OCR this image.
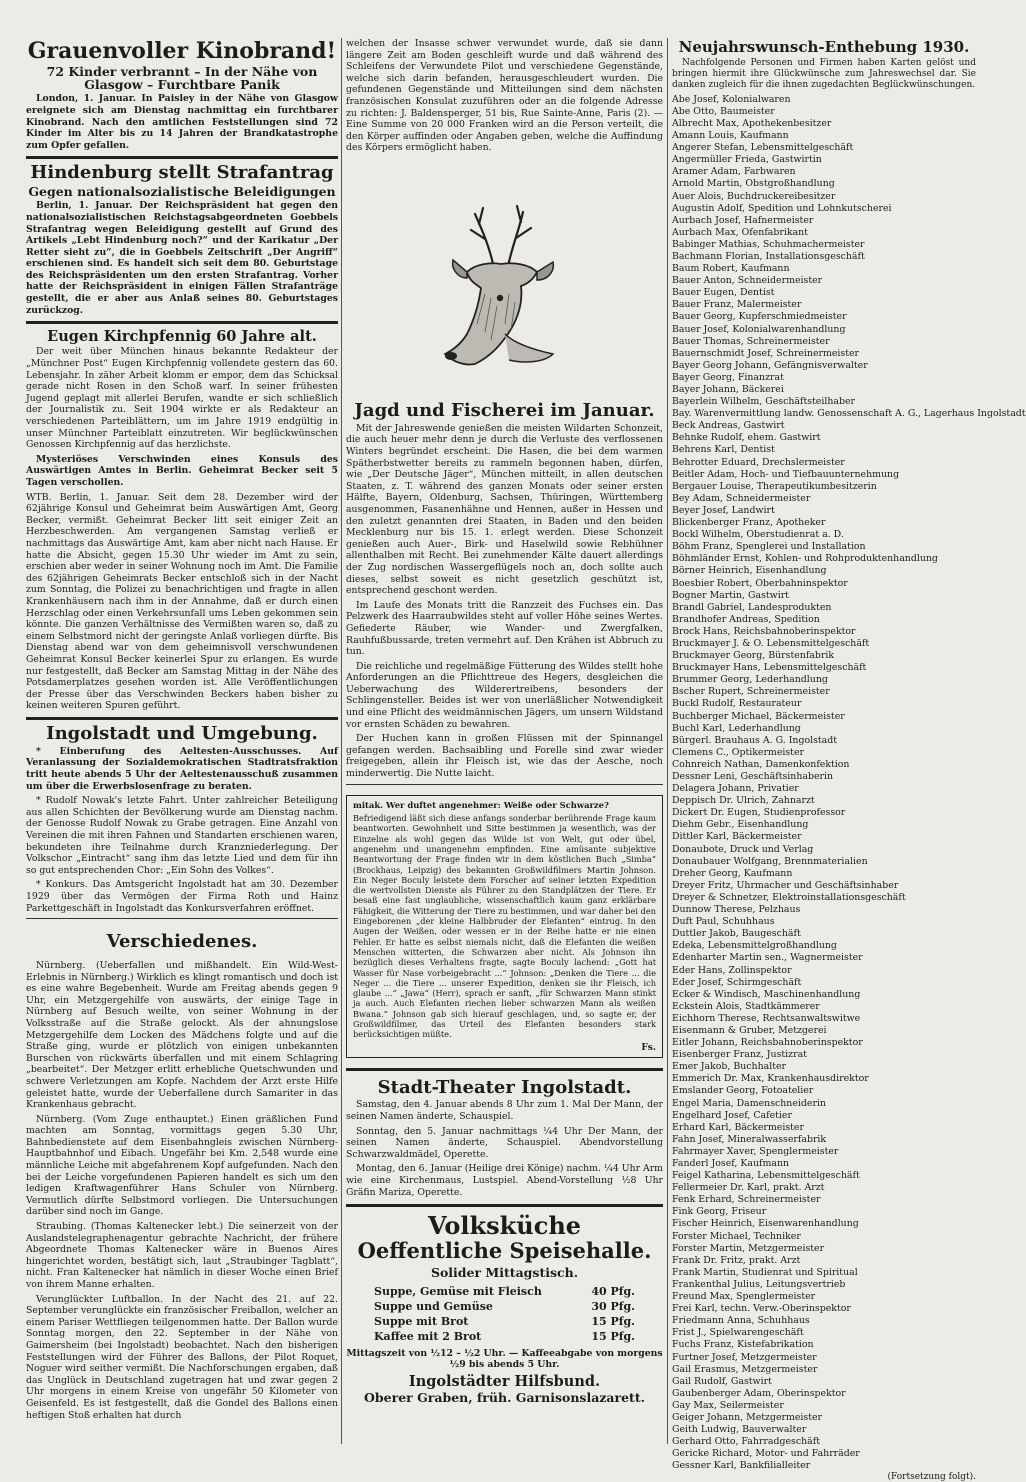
Grauenvoller Kinobrand!
72 Kinder verbrannt – In der Nähe von Glasgow – Furchtbare Panik

London, 1. Januar. In Paisley in der Nähe von Glasgow ereignete sich am Dienstag nachmittag ein furchtbarer Kinobrand. Nach den amtlichen Feststellungen sind 72 Kinder im Alter bis zu 14 Jahren der Brandkatastrophe zum Opfer gefallen.

Hindenburg stellt Strafantrag
Gegen nationalsozialistische Beleidigungen

Berlin, 1. Januar. Der Reichspräsident hat gegen den nationalsozialistischen Reichstagsabgeordneten Goebbels Strafantrag wegen Beleidigung gestellt auf Grund des Artikels „Lebt Hindenburg noch?“ und der Karikatur „Der Retter sieht zu“, die in Goebbels Zeitschrift „Der Angriff“ erschienen sind. Es handelt sich seit dem 80. Geburtstage des Reichspräsidenten um den ersten Strafantrag. Vorher hatte der Reichspräsident in einigen Fällen Strafanträge gestellt, die er aber aus Anlaß seines 80. Geburtstages zurückzog.

Eugen Kirchpfennig 60 Jahre alt.

Der weit über München hinaus bekannte Redakteur der „Münchner Post“ Eugen Kirchpfennig vollendete gestern das 60. Lebensjahr. In zäher Arbeit klomm er empor, dem das Schicksal gerade nicht Rosen in den Schoß warf. In seiner frühesten Jugend geplagt mit allerlei Berufen, wandte er sich schließlich der Journalistik zu. Seit 1904 wirkte er als Redakteur an verschiedenen Parteiblättern, um im Jahre 1919 endgültig in unser Münchner Parteiblatt einzutreten. Wir beglückwünschen Genossen Kirchpfennig auf das herzlichste.

Mysteriöses Verschwinden eines Konsuls des Auswärtigen Amtes in Berlin. Geheimrat Becker seit 5 Tagen verschollen.

WTB. Berlin, 1. Januar. Seit dem 28. Dezember wird der 62jährige Konsul und Geheimrat beim Auswärtigen Amt, Georg Becker, vermißt. Geheimrat Becker litt seit einiger Zeit an Herzbeschwerden. Am vergangenen Samstag verließ er nachmittags das Auswärtige Amt, kam aber nicht nach Hause. Er hatte die Absicht, gegen 15.30 Uhr wieder im Amt zu sein, erschien aber weder in seiner Wohnung noch im Amt. Die Familie des 62jährigen Geheimrats Becker entschloß sich in der Nacht zum Sonntag, die Polizei zu benachrichtigen und fragte in allen Krankenhäusern nach ihm in der Annahme, daß er durch einen Herzschlag oder einen Verkehrsunfall ums Leben gekommen sein könnte. Die ganzen Verhältnisse des Vermißten waren so, daß zu einem Selbstmord nicht der geringste Anlaß vorliegen dürfte. Bis Dienstag abend war von dem geheimnisvoll verschwundenen Geheimrat Konsul Becker keinerlei Spur zu erlangen. Es wurde nur festgestellt, daß Becker am Samstag Mittag in der Nähe des Potsdamerplatzes gesehen worden ist. Alle Veröffentlichungen der Presse über das Verschwinden Beckers haben bisher zu keinen weiteren Spuren geführt.

Ingolstadt und Umgebung.

* Einberufung des Aeltesten-Ausschusses. Auf Veranlassung der Sozialdemokratischen Stadtratsfraktion tritt heute abends 5 Uhr der Aeltestenausschuß zusammen um über die Erwerbslosenfrage zu beraten.

* Rudolf Nowak's letzte Fahrt. Unter zahlreicher Beteiligung aus allen Schichten der Bevölkerung wurde am Dienstag nachm. der Genosse Rudolf Nowak zu Grabe getragen. Eine Anzahl von Vereinen die mit ihren Fahnen und Standarten erschienen waren, bekundeten ihre Teilnahme durch Kranzniederlegung. Der Volkschor „Eintracht“ sang ihm das letzte Lied und dem für ihn so gut entsprechenden Chor: „Ein Sohn des Volkes“.

* Konkurs. Das Amtsgericht Ingolstadt hat am 30. Dezember 1929 über das Vermögen der Firma Roth und Hainz Parkettgeschäft in Ingolstadt das Konkursverfahren eröffnet.

Verschiedenes.

Nürnberg. (Ueberfallen und mißhandelt. Ein Wild-West-Erlebnis in Nürnberg.) Wirklich es klingt romantisch und doch ist es eine wahre Begebenheit. Wurde am Freitag abends gegen 9 Uhr, ein Metzgergehilfe von auswärts, der einige Tage in Nürnberg auf Besuch weilte, von seiner Wohnung in der Volksstraße auf die Straße gelockt. Als der ahnungslose Metzgergehilfe dem Locken des Mädchens folgte und auf die Straße ging, wurde er plötzlich von einigen unbekannten Burschen von rückwärts überfallen und mit einem Schlagring „bearbeitet“. Der Metzger erlitt erhebliche Quetschwunden und schwere Verletzungen am Kopfe. Nachdem der Arzt erste Hilfe geleistet hatte, wurde der Ueberfallene durch Samariter in das Krankenhaus gebracht.

Nürnberg. (Vom Zuge enthauptet.) Einen gräßlichen Fund machten am Sonntag, vormittags gegen 5.30 Uhr, Bahnbedienstete auf dem Eisenbahngleis zwischen Nürnberg-Hauptbahnhof und Eibach. Ungefähr bei Km. 2,548 wurde eine männliche Leiche mit abgefahrenem Kopf aufgefunden. Nach den bei der Leiche vorgefundenen Papieren handelt es sich um den ledigen Kraftwagenführer Hans Schuler von Nürnberg. Vermutlich dürfte Selbstmord vorliegen. Die Untersuchungen darüber sind noch im Gange.

Straubing. (Thomas Kaltenecker lebt.) Die seinerzeit von der Auslandstelegraphenagentur gebrachte Nachricht, der frühere Abgeordnete Thomas Kaltenecker wäre in Buenos Aires hingerichtet worden, bestätigt sich, laut „Straubinger Tagblatt“, nicht. Fran Kaltenecker hat nämlich in dieser Woche einen Brief von ihrem Manne erhalten.

Verunglückter Luftballon. In der Nacht des 21. auf 22. September verunglückte ein französischer Freiballon, welcher an einem Pariser Wettfliegen teilgenommen hatte. Der Ballon wurde Sonntag morgen, den 22. September in der Nähe von Gaimersheim (bei Ingolstadt) beobachtet. Nach den bisherigen Feststellungen wird der Führer des Ballons, der Pilot Roquet, Noguer wird seither vermißt. Die Nachforschungen ergaben, daß das Unglück in Deutschland zugetragen hat und zwar gegen 2 Uhr morgens in einem Kreise von ungefähr 50 Kilometer von Geisenfeld. Es ist festgestellt, daß die Gondel des Ballons einen heftigen Stoß erhalten hat durch

welchen der Insasse schwer verwundet wurde, daß sie dann längere Zeit am Boden geschleift wurde und daß während des Schleifens der Verwundete Pilot und verschiedene Gegenstände, welche sich darin befanden, herausgeschleudert wurden. Die gefundenen Gegenstände und Mitteilungen sind dem nächsten französischen Konsulat zuzuführen oder an die folgende Adresse zu richten: J. Baldensperger, 51 bis, Rue Sainte-Anne, Paris (2). — Eine Summe von 20 000 Franken wird an die Person verteilt, die den Körper auffinden oder Angaben geben, welche die Auffindung des Körpers ermöglicht haben.

Jagd und Fischerei im Januar.

Mit der Jahreswende genießen die meisten Wildarten Schonzeit, die auch heuer mehr denn je durch die Verluste des verflossenen Winters begründet erscheint. Die Hasen, die bei dem warmen Spätherbstwetter bereits zu rammeln begonnen haben, dürfen, wie „Der Deutsche Jäger“, München mitteilt, in allen deutschen Staaten, z. T. während des ganzen Monats oder seiner ersten Hälfte, Bayern, Oldenburg, Sachsen, Thüringen, Württemberg ausgenommen, Fasanenhähne und Hennen, außer in Hessen und den zuletzt genannten drei Staaten, in Baden und den beiden Mecklenburg nur bis 15. 1. erlegt werden. Diese Schonzeit genießen auch Auer-, Birk- und Haselwild sowie Rebhühner allenthalben mit Recht. Bei zunehmender Kälte dauert allerdings der Zug nordischen Wassergeflügels noch an, doch sollte auch dieses, selbst soweit es nicht gesetzlich geschützt ist, entsprechend geschont werden.

Im Laufe des Monats tritt die Ranzzeit des Fuchses ein. Das Pelzwerk des Haarraubwildes steht auf voller Höhe seines Wertes. Gefiederte Räuber, wie Wander- und Zwergfalken, Rauhfußbussarde, treten vermehrt auf. Den Krähen ist Abbruch zu tun.

Die reichliche und regelmäßige Fütterung des Wildes stellt hohe Anforderungen an die Pflichttreue des Hegers, desgleichen die Ueberwachung des Wilderertreibens, besonders der Schlingensteller. Beides ist wer von unerläßlicher Notwendigkeit und eine Pflicht des weidmännischen Jägers, um unsern Wildstand vor ernsten Schäden zu bewahren.

Der Huchen kann in großen Flüssen mit der Spinnangel gefangen werden. Bachsaibling und Forelle sind zwar wieder freigegeben, allein ihr Fleisch ist, wie das der Aesche, noch minderwertig. Die Nutte laicht.

mitak. Wer duftet angenehmer: Weiße oder Schwarze?

Befriedigend läßt sich diese anfangs sonderbar berührende Frage kaum beantworten. Gewohnheit und Sitte bestimmen ja wesentlich, was der Einzelne als wohl gegen das Wilde ist von Welt, gut oder übel, angenehm und unangenehm empfinden. Eine amüsante subjektive Beantwortung der Frage finden wir in dem köstlichen Buch „Simba“ (Brockhaus, Leipzig) des bekannten Großwildfilmers Martin Johnson. Ein Neger Boculy leistete dem Forscher auf seiner letzten Expedition die wertvollsten Dienste als Führer zu den Standplätzen der Tiere. Er besaß eine fast unglaubliche, wissenschaftlich kaum ganz erklärbare Fähigkeit, die Witterung der Tiere zu bestimmen, und war daher bei den Eingeborenen „der kleine Halbbruder der Elefanten“ eintrug. In den Augen der Weißen, oder wessen er in der Reihe hatte er nie einen Fehler. Er hatte es selbst niemals nicht, daß die Elefanten die weißen Menschen witterten, die Schwarzen aber nicht. Als Johnson ihn bezüglich dieses Verhaltens fragte, sagte Boculy lachend: „Gott hat Wasser für Nase vorbeigebracht ...“ Johnson: „Denken die Tiere ... die Neger ... die Tiere ... unserer Expedition, denken sie ihr Fleisch, ich glaube ...“ „Jawa“ (Herr), sprach er sanft, „für Schwarzen Mann stinkt ja auch. Auch Elefanten riechen lieber schwarzen Mann als weißen Bwana.“ Johnson gab sich hierauf geschlagen, und, so sagte er, der Großwildfilmer, das Urteil des Elefanten besonders stark berücksichtigen müßte.

Fs.
Stadt-Theater Ingolstadt.

Samstag, den 4. Januar abends 8 Uhr zum 1. Mal Der Mann, der seinen Namen änderte, Schauspiel.

Sonntag, den 5. Januar nachmittags ¼4 Uhr Der Mann, der seinen Namen änderte, Schauspiel. Abendvorstellung Schwarzwaldmädel, Operette.

Montag, den 6. Januar (Heilige drei Könige) nachm. ¼4 Uhr Arm wie eine Kirchenmaus, Lustspiel. Abend-Vorstellung ½8 Uhr Gräfin Mariza, Operette.

Volksküche
Oeffentliche Speisehalle.
Solider Mittagstisch.
Suppe, Gemüse mit Fleisch	40 Pfg.
Suppe und Gemüse	30 Pfg.
Suppe mit Brot	15 Pfg.
Kaffee mit 2 Brot	15 Pfg.

Mittagszeit von ½12 – ½2 Uhr. — Kaffeeabgabe von morgens ½9 bis abends 5 Uhr.

Ingolstädter Hilfsbund.
Oberer Graben, früh. Garnisonslazarett.
Neujahrswunsch-Enthebung 1930.

Nachfolgende Personen und Firmen haben Karten gelöst und bringen hiermit ihre Glückwünsche zum Jahreswechsel dar. Sie danken zugleich für die ihnen zugedachten Beglückwünschungen.

Abe Josef, Kolonialwaren
Abe Otto, Baumeister
Albrecht Max, Apothekenbesitzer
Amann Louis, Kaufmann
Angerer Stefan, Lebensmittelgeschäft
Angermüller Frieda, Gastwirtin
Aramer Adam, Farbwaren
Arnold Martin, Obstgroßhandlung
Auer Alois, Buchdruckereibesitzer
Augustin Adolf, Spedition und Lohnkutscherei
Aurbach Josef, Hafnermeister
Aurbach Max, Ofenfabrikant
Babinger Mathias, Schuhmachermeister
Bachmann Florian, Installationsgeschäft
Baum Robert, Kaufmann
Bauer Anton, Schneidermeister
Bauer Eugen, Dentist
Bauer Franz, Malermeister
Bauer Georg, Kupferschmiedmeister
Bauer Josef, Kolonialwarenhandlung
Bauer Thomas, Schreinermeister
Bauernschmidt Josef, Schreinermeister
Bayer Georg Johann, Gefängnisverwalter
Bayer Georg, Finanzrat
Bayer Johann, Bäckerei
Bayerlein Wilhelm, Geschäftsteilhaber
Bay. Warenvermittlung landw. Genossenschaft A. G., Lagerhaus Ingolstadt
Beck Andreas, Gastwirt
Behnke Rudolf, ehem. Gastwirt
Behrens Karl, Dentist
Behrotter Eduard, Drechslermeister
Beitler Adam, Hoch- und Tiefbauunternehmung
Bergauer Louise, Therapeutikumbesitzerin
Bey Adam, Schneidermeister
Beyer Josef, Landwirt
Blickenberger Franz, Apotheker
Bockl Wilhelm, Oberstudienrat a. D.
Böhm Franz, Spenglerei und Installation
Böhmländer Ernst, Kohlen- und Rohproduktenhandlung
Börner Heinrich, Eisenhandlung
Boesbier Robert, Oberbahninspektor
Bogner Martin, Gastwirt
Brandl Gabriel, Landesprodukten
Brandhofer Andreas, Spedition
Brock Hans, Reichsbahnoberinspektor
Bruckmayer J. & O. Lebensmittelgeschäft
Bruckmayer Georg, Bürstenfabrik
Bruckmayer Hans, Lebensmittelgeschäft
Brummer Georg, Lederhandlung
Bscher Rupert, Schreinermeister
Buckl Rudolf, Restaurateur
Buchberger Michael, Bäckermeister
Buchl Karl, Lederhandlung
Bürgerl. Brauhaus A. G. Ingolstadt
Clemens C., Optikermeister
Cohnreich Nathan, Damenkonfektion
Dessner Leni, Geschäftsinhaberin
Delagera Johann, Privatier
Deppisch Dr. Ulrich, Zahnarzt
Dickert Dr. Eugen, Studienprofessor
Diehm Gebr., Eisenhandlung
Dittler Karl, Bäckermeister
Donaubote, Druck und Verlag
Donaubauer Wolfgang, Brennmaterialien
Dreher Georg, Kaufmann
Dreyer Fritz, Uhrmacher und Geschäftsinhaber
Dreyer & Schnetzer, Elektroinstallationsgeschäft
Dunnow Therese, Pelzhaus
Duft Paul, Schuhhaus
Duttler Jakob, Baugeschäft
Edeka, Lebensmittelgroßhandlung
Edenharter Martin sen., Wagnermeister
Eder Hans, Zollinspektor
Eder Josef, Schirmgeschäft
Ecker & Windisch, Maschinenhandlung
Eckstein Alois, Stadtkämmerer
Eichhorn Therese, Rechtsanwaltswitwe
Eisenmann & Gruber, Metzgerei
Eitler Johann, Reichsbahnoberinspektor
Eisenberger Franz, Justizrat
Emer Jakob, Buchhalter
Emmerich Dr. Max, Krankenhausdirektor
Emslander Georg, Fotoatelier
Engel Maria, Damenschneiderin
Engelhard Josef, Cafetier
Erhard Karl, Bäckermeister
Fahn Josef, Mineralwasserfabrik
Fahrmayer Xaver, Spenglermeister
Fanderl Josef, Kaufmann
Feigel Katharina, Lebensmittelgeschäft
Fellermeier Dr. Karl, prakt. Arzt
Fenk Erhard, Schreinermeister
Fink Georg, Friseur
Fischer Heinrich, Eisenwarenhandlung
Forster Michael, Techniker
Forster Martin, Metzgermeister
Frank Dr. Fritz, prakt. Arzt
Frank Martin, Studienrat und Spiritual
Frankenthal Julius, Leitungsvertrieb
Freund Max, Spenglermeister
Frei Karl, techn. Verw.-Oberinspektor
Friedmann Anna, Schuhhaus
Frist J., Spielwarengeschäft
Fuchs Franz, Kistefabrikation
Furtner Josef, Metzgermeister
Gail Erasmus, Metzgermeister
Gail Rudolf, Gastwirt
Gaubenberger Adam, Oberinspektor
Gay Max, Seilermeister
Geiger Johann, Metzgermeister
Geith Ludwig, Bauverwalter
Gerhard Otto, Fahrradgeschäft
Gericke Richard, Motor- und Fahrräder
Gessner Karl, Bankfilialleiter
(Fortsetzung folgt).
